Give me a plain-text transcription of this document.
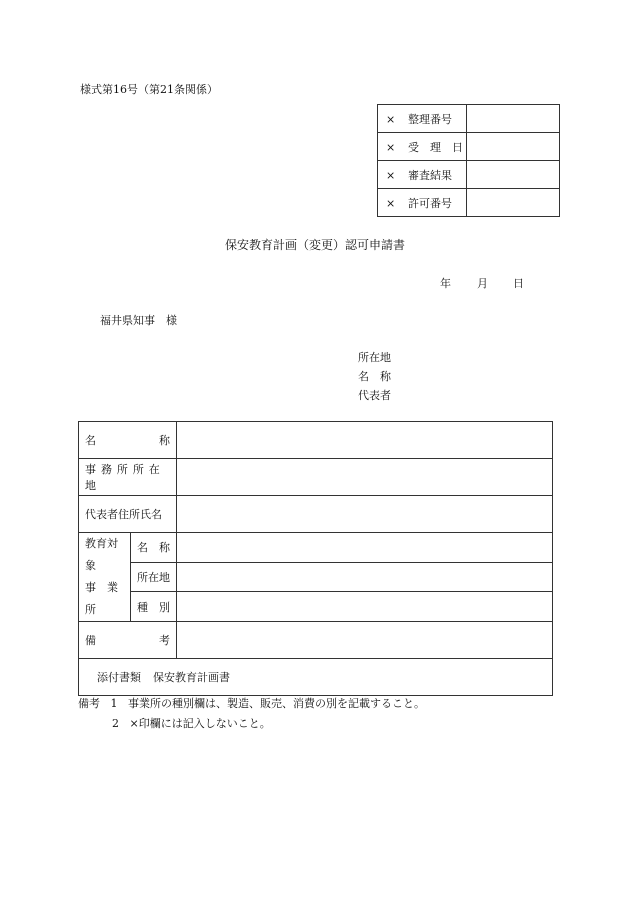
様式第16号（第21条関係）
× 整理番号	
× 受　理　日	
× 審査結果	
× 許可番号	
保安教育計画（変更）認可申請書
年 月 日
福井県知事　様
所在地
名　称
代表者
名 称		

事務所所在地		
代表者住所氏名		

教育対象
事　業　所	名　称	
	所在地	
	種　別	

備 考		

添付書類 保安教育計画書		
備考 1 事業所の種別欄は、製造、販売、消費の別を記載すること。
2 ×印欄には記入しないこと。
